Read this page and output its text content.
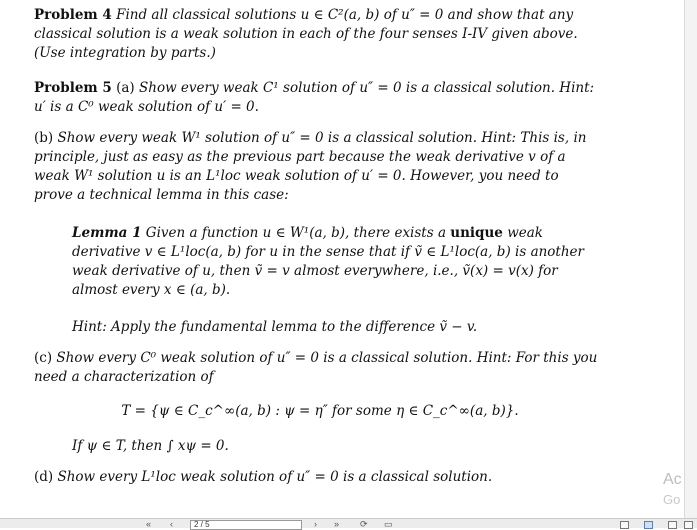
Problem 4 Find all classical solutions u ∈ C²(a, b) of u″ = 0 and show that any classical solution is a weak solution in each of the four senses I-IV given above. (Use integration by parts.)
Problem 5 (a) Show every weak C¹ solution of u″ = 0 is a classical solution. Hint: u′ is a C⁰ weak solution of u′ = 0.
(b) Show every weak W¹ solution of u″ = 0 is a classical solution. Hint: This is, in principle, just as easy as the previous part because the weak derivative v of a weak W¹ solution u is an L¹loc weak solution of u′ = 0. However, you need to prove a technical lemma in this case:
Lemma 1 Given a function u ∈ W¹(a, b), there exists a unique weak derivative v ∈ L¹loc(a, b) for u in the sense that if ṽ ∈ L¹loc(a, b) is another weak derivative of u, then ṽ = v almost everywhere, i.e., ṽ(x) = v(x) for almost every x ∈ (a, b).
Hint: Apply the fundamental lemma to the difference ṽ − v.
(c) Show every C⁰ weak solution of u″ = 0 is a classical solution. Hint: For this you need a characterization of
T = {ψ ∈ C_c^∞(a, b) : ψ = η″ for some η ∈ C_c^∞(a, b)}.
If ψ ∈ T, then ∫ xψ = 0.
(d) Show every L¹loc weak solution of u″ = 0 is a classical solution.	Ac
Go
« ‹	› » ⟳ ▭
2 / 5
